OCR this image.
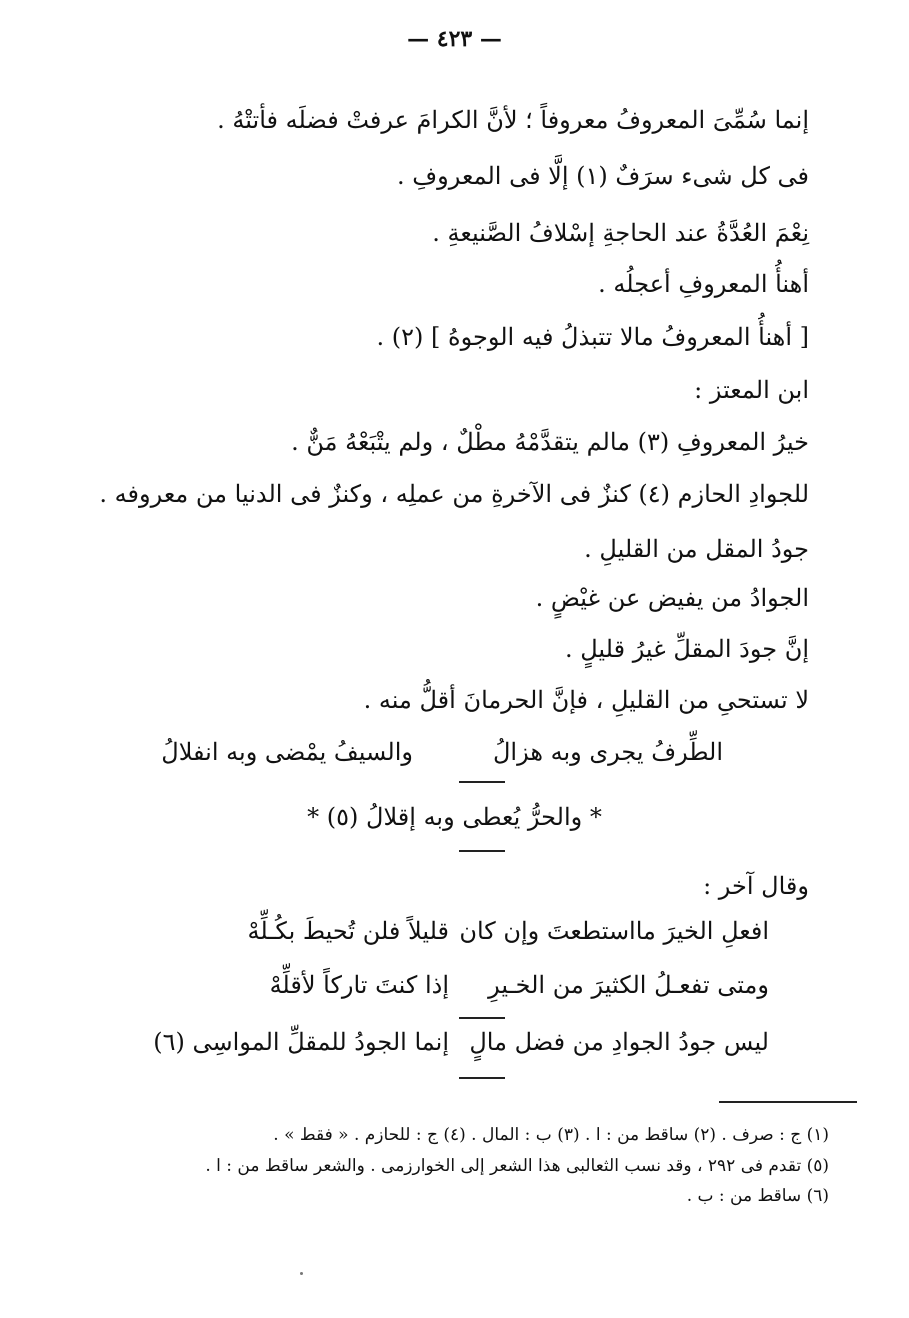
— ٤٢٣ —
إنما سُمِّىَ المعروفُ معروفاً ؛ لأنَّ الكرامَ عرفتْ فضلَه فأتتْهُ .
فى كل شىء سرَفٌ (١) إلَّا فى المعروفِ .
نِعْمَ العُدَّةُ عند الحاجةِ إسْلافُ الصَّنيعةِ .
أهنأُ المعروفِ أعجلُه .
[ أهنأُ المعروفُ مالا تتبذلُ فيه الوجوهُ ] (٢) .
ابن المعتز :
خيرُ المعروفِ (٣) مالم يتقدَّمْهُ مطْلٌ ، ولم يتْبَعْهُ مَنٌّ .
للجوادِ الحازم (٤) كنزٌ فى الآخرةِ من عملِه ، وكنزٌ فى الدنيا من معروفه .
جودُ المقل من القليلِ .
الجوادُ من يفيض عن غيْضٍ .
إنَّ جودَ المقلِّ غيرُ قليلٍ .
لا تستحىِ من القليلِ ، فإنَّ الحرمانَ أقلُّ منه .
الطِّرفُ يجرى وبه هزالُ
والسيفُ يمْضى وبه انفلالُ
* والحرُّ يُعطى وبه إقلالُ (٥) *
وقال آخر :
افعلِ الخيرَ مااستطعتَ وإن كان
قليلاً فلن تُحيطَ بكُـلِّهْ
ومتى تفعـلُ الكثيرَ من الخـيرِ
إذا كنتَ تاركاً لأقلِّهْ
ليس جودُ الجوادِ من فضل مالٍ
إنما الجودُ للمقلِّ المواسِى (٦)
(١) ج : صرف . (٢) ساقط من : ا . (٣) ب : المال . (٤) ج : للحازم . « فقط » .
(٥) تقدم فى ٢٩٢ ، وقد نسب الثعالبى هذا الشعر إلى الخوارزمى . والشعر ساقط من : ا .
(٦) ساقط من : ب .
